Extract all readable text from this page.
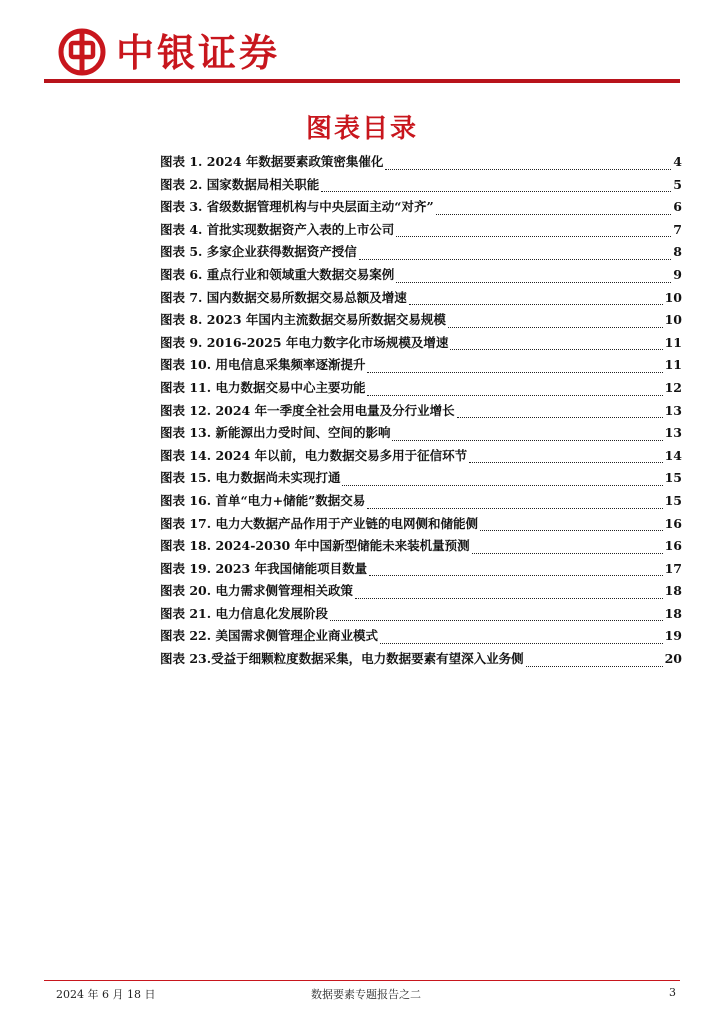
中银证券
图表目录
图表 1. 2024 年数据要素政策密集催化	4
图表 2. 国家数据局相关职能	5
图表 3. 省级数据管理机构与中央层面主动“对齐”	6
图表 4. 首批实现数据资产入表的上市公司	7
图表 5. 多家企业获得数据资产授信	8
图表 6. 重点行业和领域重大数据交易案例	9
图表 7. 国内数据交易所数据交易总额及增速	10
图表 8. 2023 年国内主流数据交易所数据交易规模	10
图表 9. 2016-2025 年电力数字化市场规模及增速	11
图表 10. 用电信息采集频率逐渐提升	11
图表 11. 电力数据交易中心主要功能	12
图表 12. 2024 年一季度全社会用电量及分行业增长	13
图表 13. 新能源出力受时间、空间的影响	13
图表 14. 2024 年以前，电力数据交易多用于征信环节	14
图表 15. 电力数据尚未实现打通	15
图表 16. 首单“电力+储能”数据交易	15
图表 17. 电力大数据产品作用于产业链的电网侧和储能侧	16
图表 18. 2024-2030 年中国新型储能未来装机量预测	16
图表 19. 2023 年我国储能项目数量	17
图表 20. 电力需求侧管理相关政策	18
图表 21. 电力信息化发展阶段	18
图表 22. 美国需求侧管理企业商业模式	19
图表 23.受益于细颗粒度数据采集，电力数据要素有望深入业务侧	20
2024 年 6 月 18 日	数据要素专题报告之二	3
